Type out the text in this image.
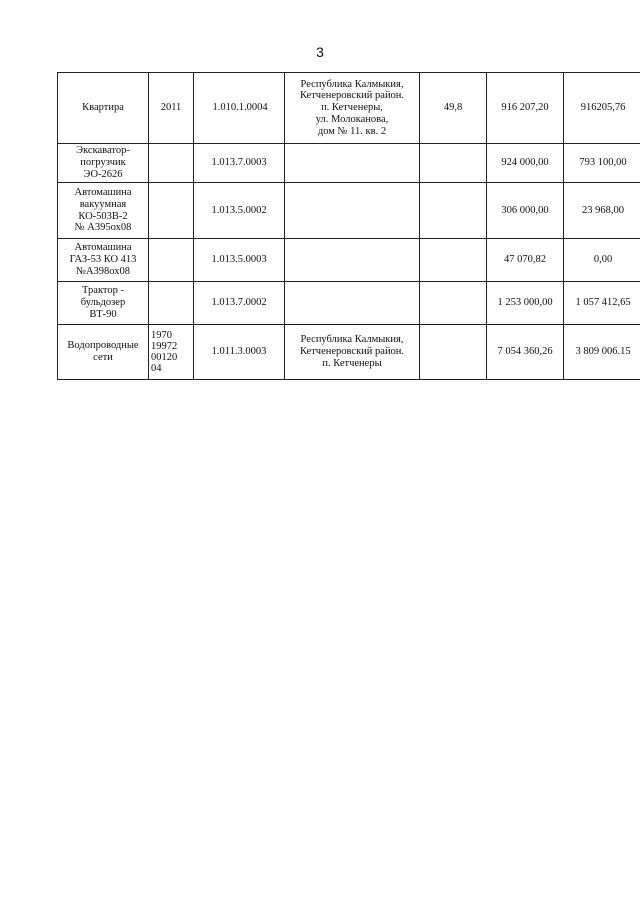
3
Квартира	2011	1.010.1.0004	Республика Калмыкия,
Кетченеровский район.
п. Кетченеры,
ул. Молоканова,
дом № 11. кв. 2	49,8	916 207,20	916205,76
Экскаватор-
погрузчик
ЭО-2626		1.013.7.0003			924 000,00	793 100,00
Автомашина
вакуумная
КО-503В-2
№ А395ох08		1.013.5.0002			306 000,00	23 968,00
Автомашина
ГАЗ-53 КО 413
№А398ох08		1.013.5.0003			47 070,82	0,00
Трактор -
бульдозер
ВТ-90		1.013.7.0002			1 253 000,00	1 057 412,65
Водопроводные
сети	1970
19972
00120
04	1.011.3.0003	Республика Калмыкия,
Кетченеровский район.
п. Кетченеры		7 054 360,26	3 809 006.15
